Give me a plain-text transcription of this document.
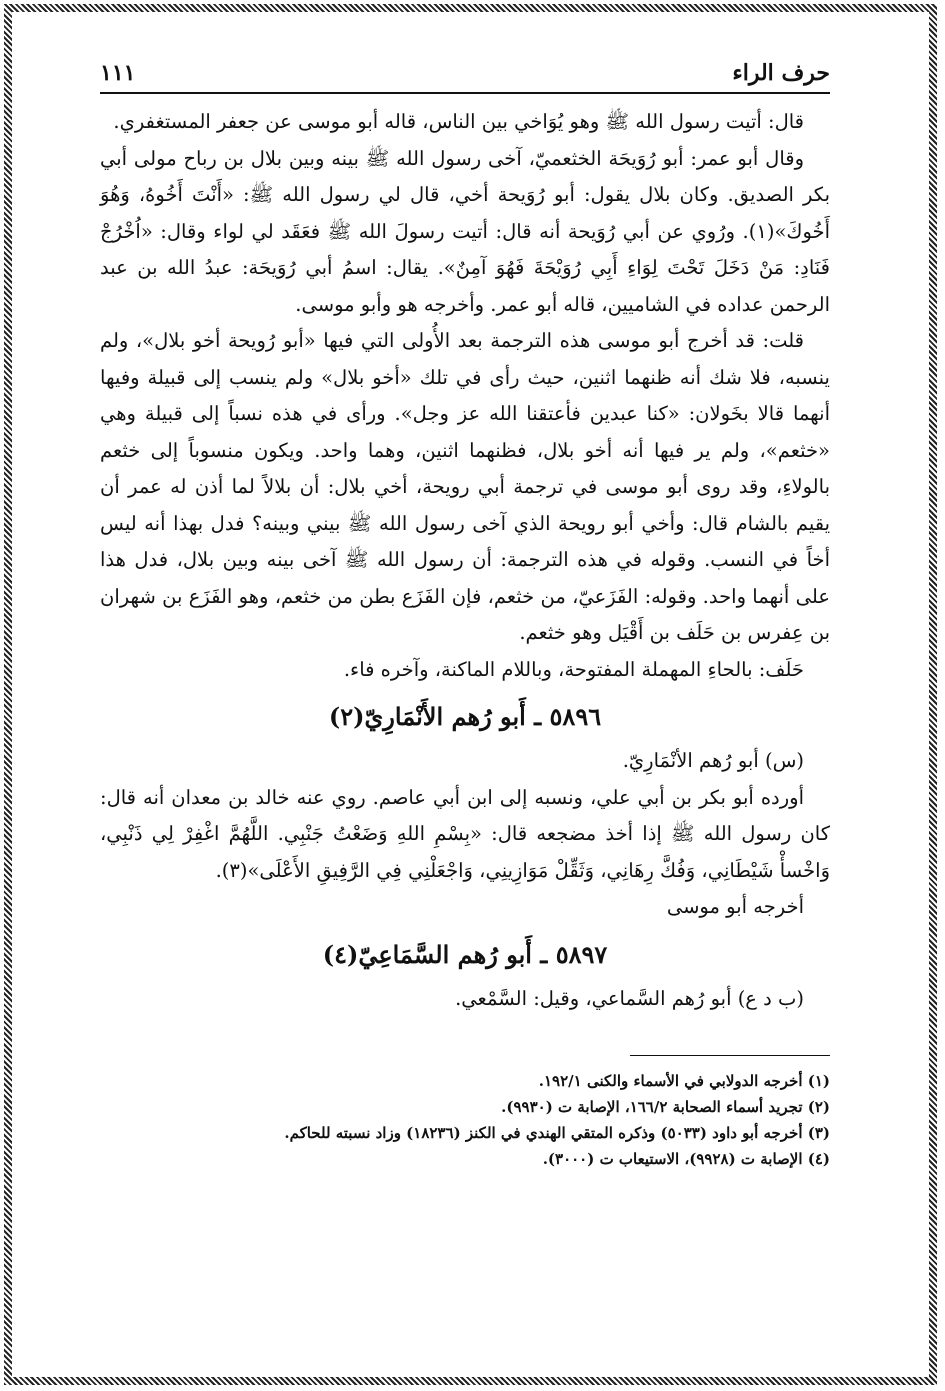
حرف الراء
١١١

قال: أتيت رسول الله ﷺ وهو يُوَاخي بين الناس، قاله أبو موسى عن جعفر المستغفري.

وقال أبو عمر: أبو رُوَيحَة الخثعميّ، آخى رسول الله ﷺ بينه وبين بلال بن رباح مولى أبي بكر الصديق. وكان بلال يقول: أبو رُوَيحة أخي، قال لي رسول الله ﷺ: «أَنْتَ أَخُوهُ، وَهُوَ أَخُوكَ»(١). ورُوي عن أبي رُوَيحة أنه قال: أتيت رسولَ الله ﷺ فعَقَد لي لواء وقال: «اُخْرُجْ فَنَادِ: مَنْ دَخَلَ تَحْتَ لِوَاءِ أَبِي رُوَيْحَةَ فَهُوَ آمِنٌ». يقال: اسمُ أبي رُوَيحَة: عبدُ الله بن عبد الرحمن عداده في الشاميين، قاله أبو عمر. وأخرجه هو وأبو موسى.

قلت: قد أخرج أبو موسى هذه الترجمة بعد الأُولى التي فيها «أبو رُويحة أخو بلال»، ولم ينسبه، فلا شك أنه ظنهما اثنين، حيث رأى في تلك «أخو بلال» ولم ينسب إلى قبيلة وفيها أنهما قالا بخَولان: «كنا عبدين فأعتقنا الله عز وجل». ورأى في هذه نسباً إلى قبيلة وهي «خثعم»، ولم ير فيها أنه أخو بلال، فظنهما اثنين، وهما واحد. ويكون منسوباً إلى خثعم بالولاءِ، وقد روى أبو موسى في ترجمة أبي رويحة، أخي بلال: أن بلالاً لما أذن له عمر أن يقيم بالشام قال: وأخي أبو رويحة الذي آخى رسول الله ﷺ بيني وبينه؟ فدل بهذا أنه ليس أخاً في النسب. وقوله في هذه الترجمة: أن رسول الله ﷺ آخى بينه وبين بلال، فدل هذا على أنهما واحد. وقوله: الفَزَعيّ، من خثعم، فإن الفَزَع بطن من خثعم، وهو الفَزَع بن شهران بن عِفرس بن حَلَف بن أَقْيَل وهو خثعم.

حَلَف: بالحاءِ المهملة المفتوحة، وباللام الماكنة، وآخره فاء.

٥٨٩٦ ـ أَبو رُهم الأَنْمَارِيّ(٢)

(س) أبو رُهم الأنْمَارِيّ.

أورده أبو بكر بن أبي علي، ونسبه إلى ابن أبي عاصم. روي عنه خالد بن معدان أنه قال: كان رسول الله ﷺ إذا أخذ مضجعه قال: «بِسْمِ اللهِ وَضَعْتُ جَنْبِي. اللَّهُمَّ اغْفِرْ لِي ذَنْبِي، وَاخْسأْ شَيْطَانِي، وَفُكَّ رِهَانِي، وَثَقِّلْ مَوَازِينِي، وَاجْعَلْنِي فِي الرَّفِيقِ الأَعْلَى»(٣).

أخرجه أبو موسى

٥٨٩٧ ـ أَبو رُهم السَّمَاعِيّ(٤)

(ب د ع) أبو رُهم السَّماعي، وقيل: السَّمْعي.

(١) أخرجه الدولابي في الأسماء والكنى ١٩٢/١.

(٢) تجريد أسماء الصحابة ١٦٦/٢، الإصابة ت (٩٩٣٠).

(٣) أخرجه أبو داود (٥٠٣٣) وذكره المتقي الهندي في الكنز (١٨٢٣٦) وزاد نسبته للحاكم.

(٤) الإصابة ت (٩٩٢٨)، الاستيعاب ت (٣٠٠٠).
